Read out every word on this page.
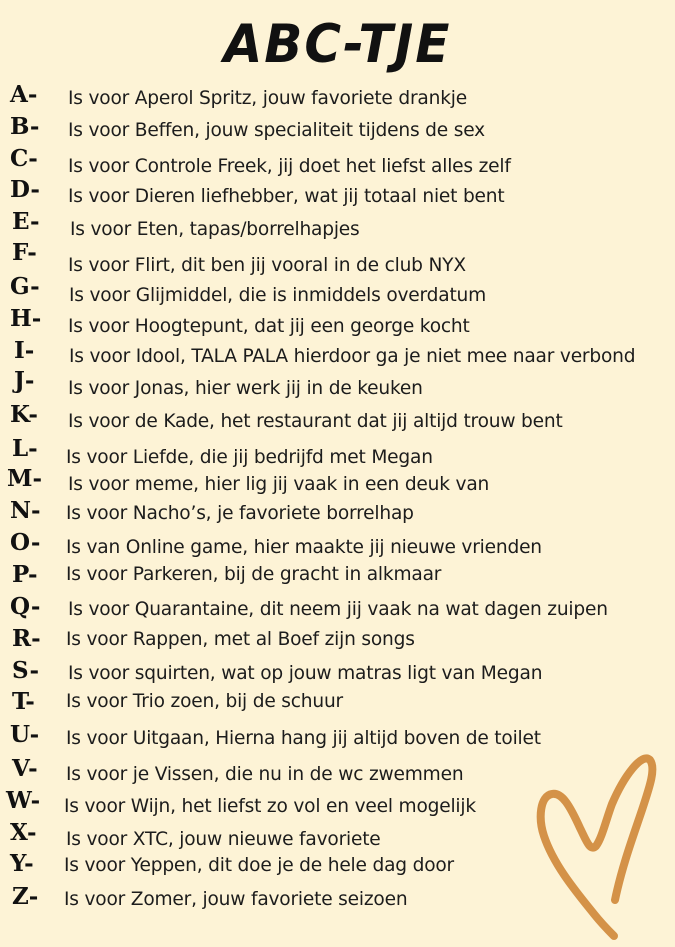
ABC-TJE
A- Is voor Aperol Spritz, jouw favoriete drankje
B- Is voor Beffen, jouw specialiteit tijdens de sex
C- Is voor Controle Freek, jij doet het liefst alles zelf
D- Is voor Dieren liefhebber, wat jij totaal niet bent
E- Is voor Eten, tapas/borrelhapjes
F- Is voor Flirt, dit ben jij vooral in de club NYX
G- Is voor Glijmiddel, die is inmiddels overdatum
H- Is voor Hoogtepunt, dat jij een george kocht
I- Is voor Idool, TALA PALA hierdoor ga je niet mee naar verbond
J- Is voor Jonas, hier werk jij in de keuken
K- Is voor de Kade, het restaurant dat jij altijd trouw bent
L- Is voor Liefde, die jij bedrijfd met Megan
M- Is voor meme, hier lig jij vaak in een deuk van
N- Is voor Nacho’s, je favoriete borrelhap
O- Is van Online game, hier maakte jij nieuwe vrienden
P- Is voor Parkeren, bij de gracht in alkmaar
Q- Is voor Quarantaine, dit neem jij vaak na wat dagen zuipen
R- Is voor Rappen, met al Boef zijn songs
S- Is voor squirten, wat op jouw matras ligt van Megan
T- Is voor Trio zoen, bij de schuur
U- Is voor Uitgaan, Hierna hang jij altijd boven de toilet
V- Is voor je Vissen, die nu in de wc zwemmen
W- Is voor Wijn, het liefst zo vol en veel mogelijk
X- Is voor XTC, jouw nieuwe favoriete
Y- Is voor Yeppen, dit doe je de hele dag door
Z- Is voor Zomer, jouw favoriete seizoen
